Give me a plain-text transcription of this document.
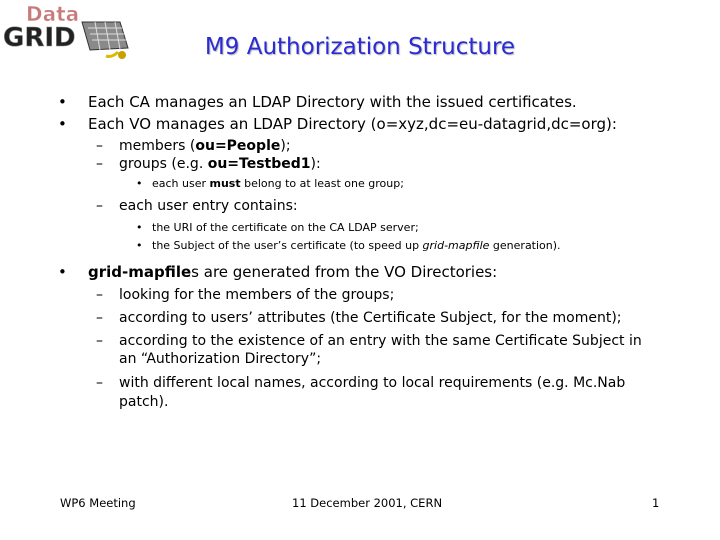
Data
GRID	M9 Authorization Structure
• Each CA manages an LDAP Directory with the issued certificates.
• Each VO manages an LDAP Directory (o=xyz,dc=eu-datagrid,dc=org):
– members (ou=People);
– groups (e.g. ou=Testbed1):
• each user must belong to at least one group;
– each user entry contains:
• the URI of the certificate on the CA LDAP server;
• the Subject of the user’s certificate (to speed up grid-mapfile generation).
• grid-mapfiles are generated from the VO Directories:
– looking for the members of the groups;
– according to users’ attributes (the Certificate Subject, for the moment);
– according to the existence of an entry with the same Certificate Subject in
an “Authorization Directory”;
– with different local names, according to local requirements (e.g. Mc.Nab
patch).
WP6 Meeting	11 December 2001, CERN	1
